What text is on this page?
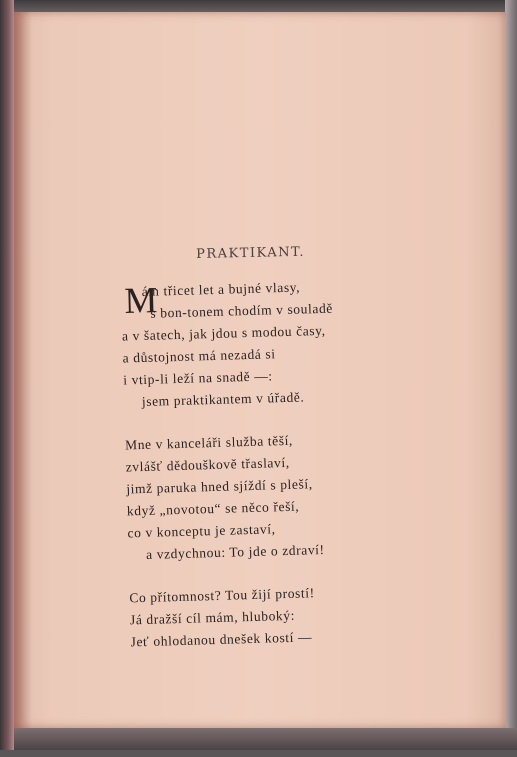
PRAKTIKANT.
M
ám třicet let a bujné vlasy,
s bon-tonem chodím v souladě
a v šatech, jak jdou s modou časy,
a důstojnost má nezadá si
i vtip-li leží na snadě —:
jsem praktikantem v úřadě.
Mne v kanceláři služba těší,
zvlášť dědouškově třaslaví,
jimž paruka hned sjíždí s pleší,
když „novotou“ se něco řeší,
co v konceptu je zastaví,
a vzdychnou: To jde o zdraví!
Co přítomnost? Tou žijí prostí!
Já dražší cíl mám, hluboký:
Jeť ohlodanou dnešek kostí —
